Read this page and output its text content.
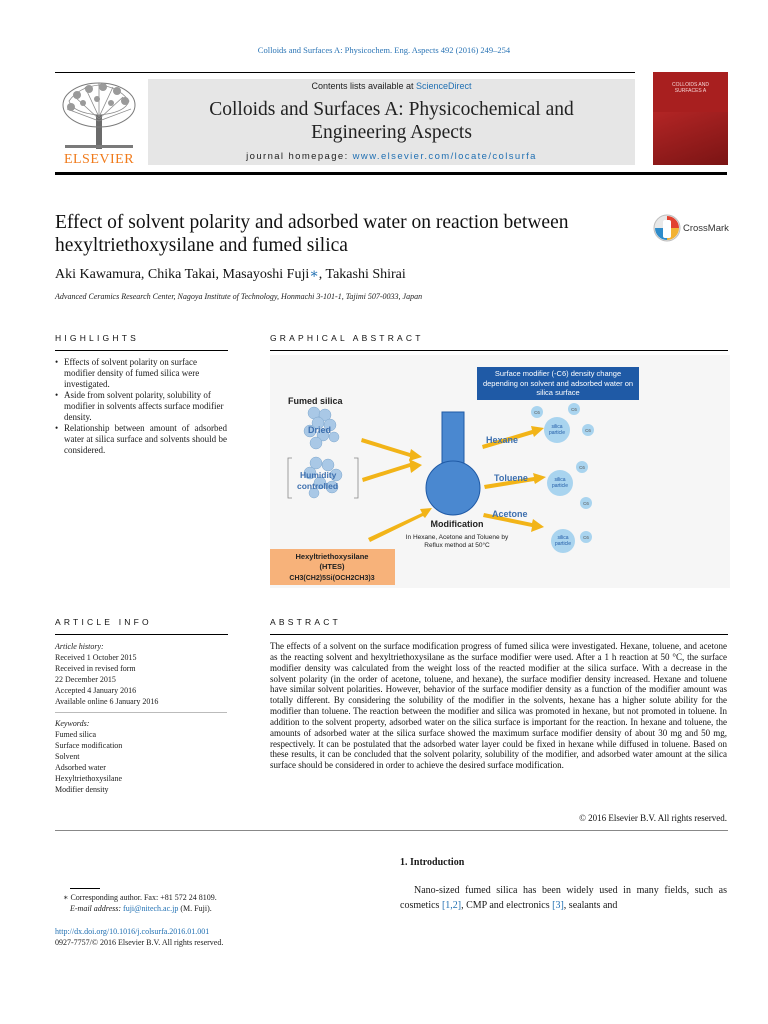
Colloids and Surfaces A: Physicochem. Eng. Aspects 492 (2016) 249–254
ELSEVIER
Contents lists available at ScienceDirect
Colloids and Surfaces A: Physicochemical and
Engineering Aspects
journal homepage: www.elsevier.com/locate/colsurfa
COLLOIDS AND SURFACES A
Effect of solvent polarity and adsorbed water on reaction between
hexyltriethoxysilane and fumed silica
CrossMark
Aki Kawamura, Chika Takai, Masayoshi Fuji∗, Takashi Shirai
Advanced Ceramics Research Center, Nagoya Institute of Technology, Honmachi 3-101-1, Tajimi 507-0033, Japan
HIGHLIGHTS
• Effects of solvent polarity on surface modifier density of fumed silica were investigated.
• Aside from solvent polarity, solubility of modifier in solvents affects surface modifier density.
• Relationship between amount of adsorbed water at silica surface and solvents should be considered.
GRAPHICAL ABSTRACT
Surface modifier (-C6) density change depending on solvent and adsorbed water on silica surface
Fumed silica
Dried
Humidity
controlled
Hexane
Toluene
Acetone
silica
particle
C6
C6
C6
silica
particle
C6
C6
silica
particle
C6
Modification
In Hexane, Acetone and Toluene by
Reflux method at 50°C
Hexyltriethoxysilane
(HTES)
CH3(CH2)5Si(OCH2CH3)3
ARTICLE INFO
Article history:
Received 1 October 2015
Received in revised form
22 December 2015
Accepted 4 January 2016
Available online 6 January 2016
Keywords:
Fumed silica
Surface modification
Solvent
Adsorbed water
Hexyltriethoxysilane
Modifier density
ABSTRACT
The effects of a solvent on the surface modification progress of fumed silica were investigated. Hexane, toluene, and acetone as the reacting solvent and hexyltriethoxysilane as the surface modifier were used. After a 1 h reaction at 50 °C, the surface modifier density was calculated from the weight loss of the reacted modifier at the silica surface. With a decrease in the solvent polarity (in the order of acetone, toluene, and hexane), the surface modifier density increased. Hexane and toluene have similar solvent polarities. However, behavior of the surface modifier density as a function of the modifier amount was totally different. By considering the solubility of the modifier in the solvents, hexane has a higher solute ability for the modifier than toluene. The reaction between the modifier and silica was promoted in hexane, but not promoted in toluene. In addition to the solvent property, adsorbed water on the silica surface is important for the reaction. In hexane and toluene, the amounts of adsorbed water at the silica surface showed the maximum surface modifier density of about 30 mg and 50 mg, respectively. It can be postulated that the adsorbed water layer could be fixed in hexane while diffused in toluene. Based on these results, it can be concluded that the solvent polarity, solubility of the modifier, and adsorbed water amount at the silica surface should be considered in order to achieve the desired surface modification.
© 2016 Elsevier B.V. All rights reserved.
1. Introduction
Nano-sized fumed silica has been widely used in many fields, such as cosmetics [1,2], CMP and electronics [3], sealants and
∗ Corresponding author. Fax: +81 572 24 8109.
E-mail address: fuji@nitech.ac.jp (M. Fuji).
http://dx.doi.org/10.1016/j.colsurfa.2016.01.001
0927-7757/© 2016 Elsevier B.V. All rights reserved.
